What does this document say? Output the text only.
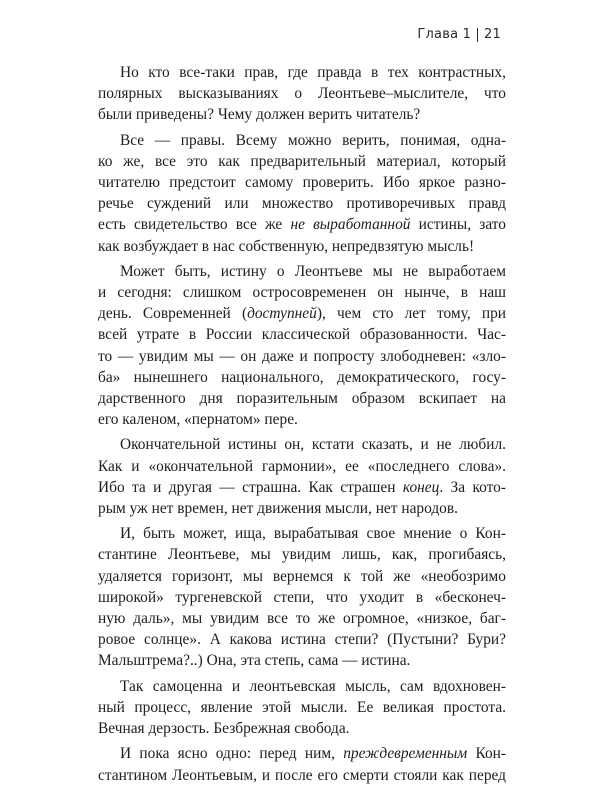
Глава 1 21

Но кто все-таки прав, где правда в тех контрастных,
полярных высказываниях о Леонтьеве–мыслителе, что
были приведены? Чему должен верить читатель?

Все — правы. Всему можно верить, понимая, одна-
ко же, все это как предварительный материал, который
читателю предстоит самому проверить. Ибо яркое разно-
речье суждений или множество противоречивых правд
есть свидетельство все же не выработанной истины, зато
как возбуждает в нас собственную, непредвзятую мысль!

Может быть, истину о Леонтьеве мы не выработаем
и сегодня: слишком остросовременен он нынче, в наш
день. Современней (доступней), чем сто лет тому, при
всей утрате в России классической образованности. Час-
то — увидим мы — он даже и попросту злободневен: «зло-
ба» нынешнего национального, демократического, госу-
дарственного дня поразительным образом вскипает на
его каленом, «пернатом» пере.

Окончательной истины он, кстати сказать, и не любил.
Как и «окончательной гармонии», ее «последнего слова».
Ибо та и другая — страшна. Как страшен конец. За кото-
рым уж нет времен, нет движения мысли, нет народов.

И, быть может, ища, вырабатывая свое мнение о Кон-
стантине Леонтьеве, мы увидим лишь, как, прогибаясь,
удаляется горизонт, мы вернемся к той же «необозримо
широкой» тургеневской степи, что уходит в «бесконеч-
ную даль», мы увидим все то же огромное, «низкое, баг-
ровое солнце». А какова истина степи? (Пустыни? Бури?
Мальштрема?..) Она, эта степь, сама — истина.

Так самоценна и леонтьевская мысль, сам вдохновен-
ный процесс, явление этой мысли. Ее великая простота.
Вечная дерзость. Безбрежная свобода.

И пока ясно одно: перед ним, преждевременным Кон-
стантином Леонтьевым, и после его смерти стояли как перед
